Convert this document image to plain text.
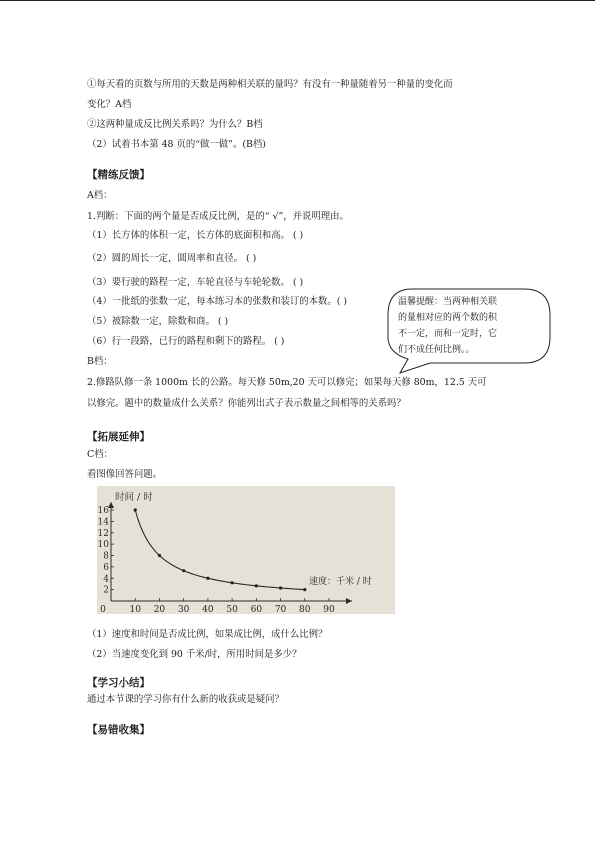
①每天看的页数与所用的天数是两种相关联的量吗？有没有一种量随着另一种量的变化而
变化？A档
②这两种量成反比例关系吗？为什么？B档
（2）试着书本第 48 页的“做一做”。(B档)
【精练反馈】
A档：
1.判断：下面的两个量是否成反比例，是的“ √”，并说明理由。
（1）长方体的体积一定，长方体的底面积和高。 ( )
（2）圆的周长一定，圆周率和直径。 ( )
（3）要行驶的路程一定，车轮直径与车轮轮数。 ( )
（4）一批纸的张数一定，每本练习本的张数和装订的本数。( )
（5）被除数一定，除数和商。 ( )
（6）行一段路，已行的路程和剩下的路程。 ( )
温馨提醒：当两种相关联
的量相对应的两个数的积
不一定，而和一定时，它
们不成任何比例。。
B档：
2.修路队修一条 1000m 长的公路。每天修 50m,20 天可以修完；如果每天修 80m，12.5 天可
以修完。题中的数量成什么关系？你能列出式子表示数量之间相等的关系吗？
【拓展延伸】
C档：
看图像回答问题。
0	10 20 30 40 50 60 70 80 90
2
4
6
8
10
12
14
16
时间 / 时
速度：千米 / 时
（1）速度和时间是否成比例，如果成比例，成什么比例？
（2）当速度变化到 90 千米/时，所用时间是多少？
【学习小结】
通过本节课的学习你有什么新的收获或是疑问？
【易错收集】
